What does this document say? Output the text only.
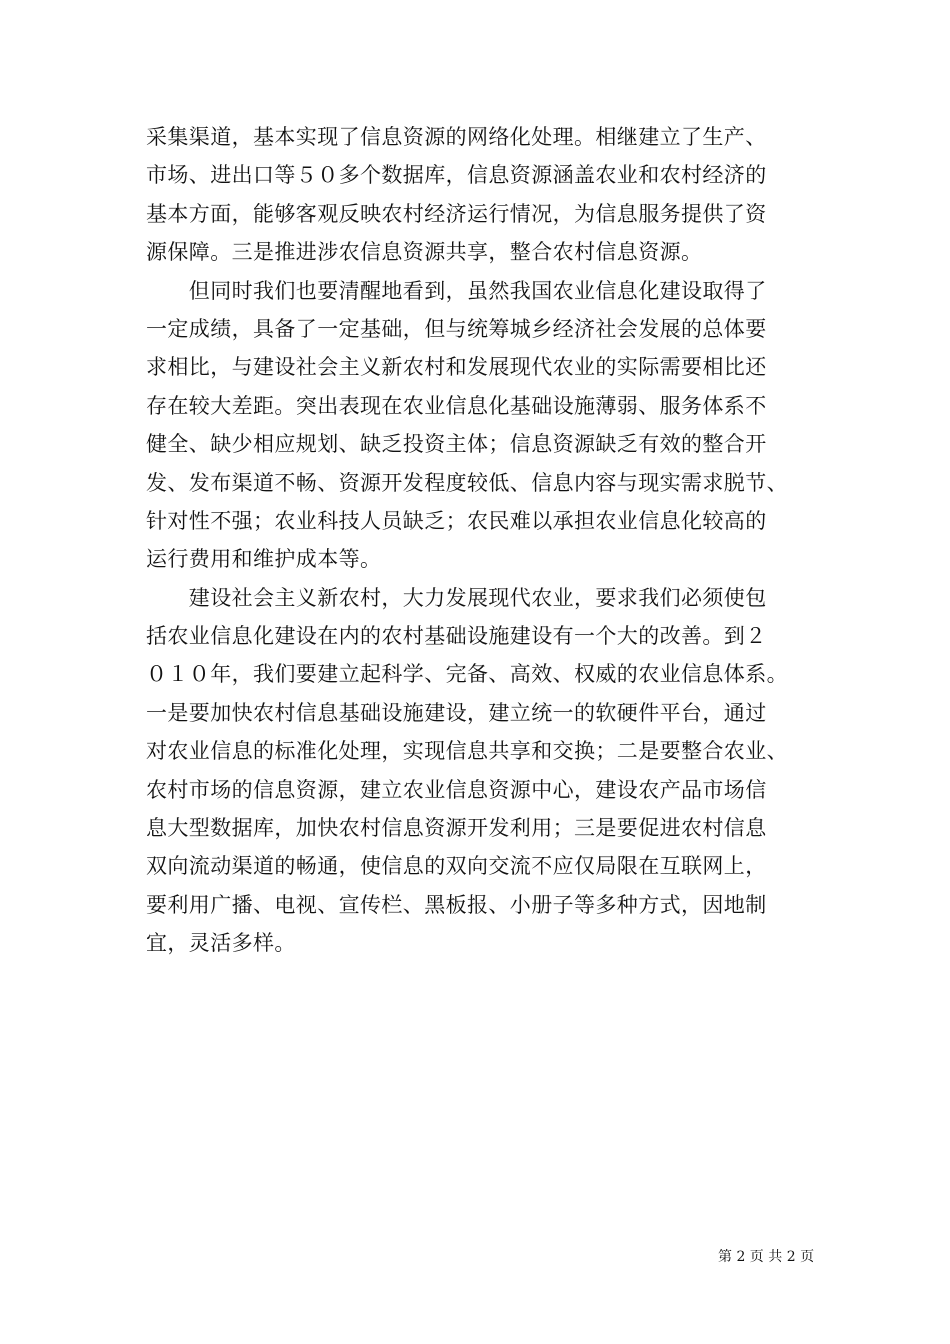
采集渠道，基本实现了信息资源的网络化处理。相继建立了生产、
市场、进出口等５０多个数据库，信息资源涵盖农业和农村经济的
基本方面，能够客观反映农村经济运行情况，为信息服务提供了资
源保障。三是推进涉农信息资源共享，整合农村信息资源。
　　但同时我们也要清醒地看到，虽然我国农业信息化建设取得了
一定成绩，具备了一定基础，但与统筹城乡经济社会发展的总体要
求相比，与建设社会主义新农村和发展现代农业的实际需要相比还
存在较大差距。突出表现在农业信息化基础设施薄弱、服务体系不
健全、缺少相应规划、缺乏投资主体；信息资源缺乏有效的整合开
发、发布渠道不畅、资源开发程度较低、信息内容与现实需求脱节、
针对性不强；农业科技人员缺乏；农民难以承担农业信息化较高的
运行费用和维护成本等。
　　建设社会主义新农村，大力发展现代农业，要求我们必须使包
括农业信息化建设在内的农村基础设施建设有一个大的改善。到２
０１０年，我们要建立起科学、完备、高效、权威的农业信息体系。
一是要加快农村信息基础设施建设，建立统一的软硬件平台，通过
对农业信息的标准化处理，实现信息共享和交换；二是要整合农业、
农村市场的信息资源，建立农业信息资源中心，建设农产品市场信
息大型数据库，加快农村信息资源开发利用；三是要促进农村信息
双向流动渠道的畅通，使信息的双向交流不应仅局限在互联网上，
要利用广播、电视、宣传栏、黑板报、小册子等多种方式，因地制
宜，灵活多样。
第 2 页 共 2 页
